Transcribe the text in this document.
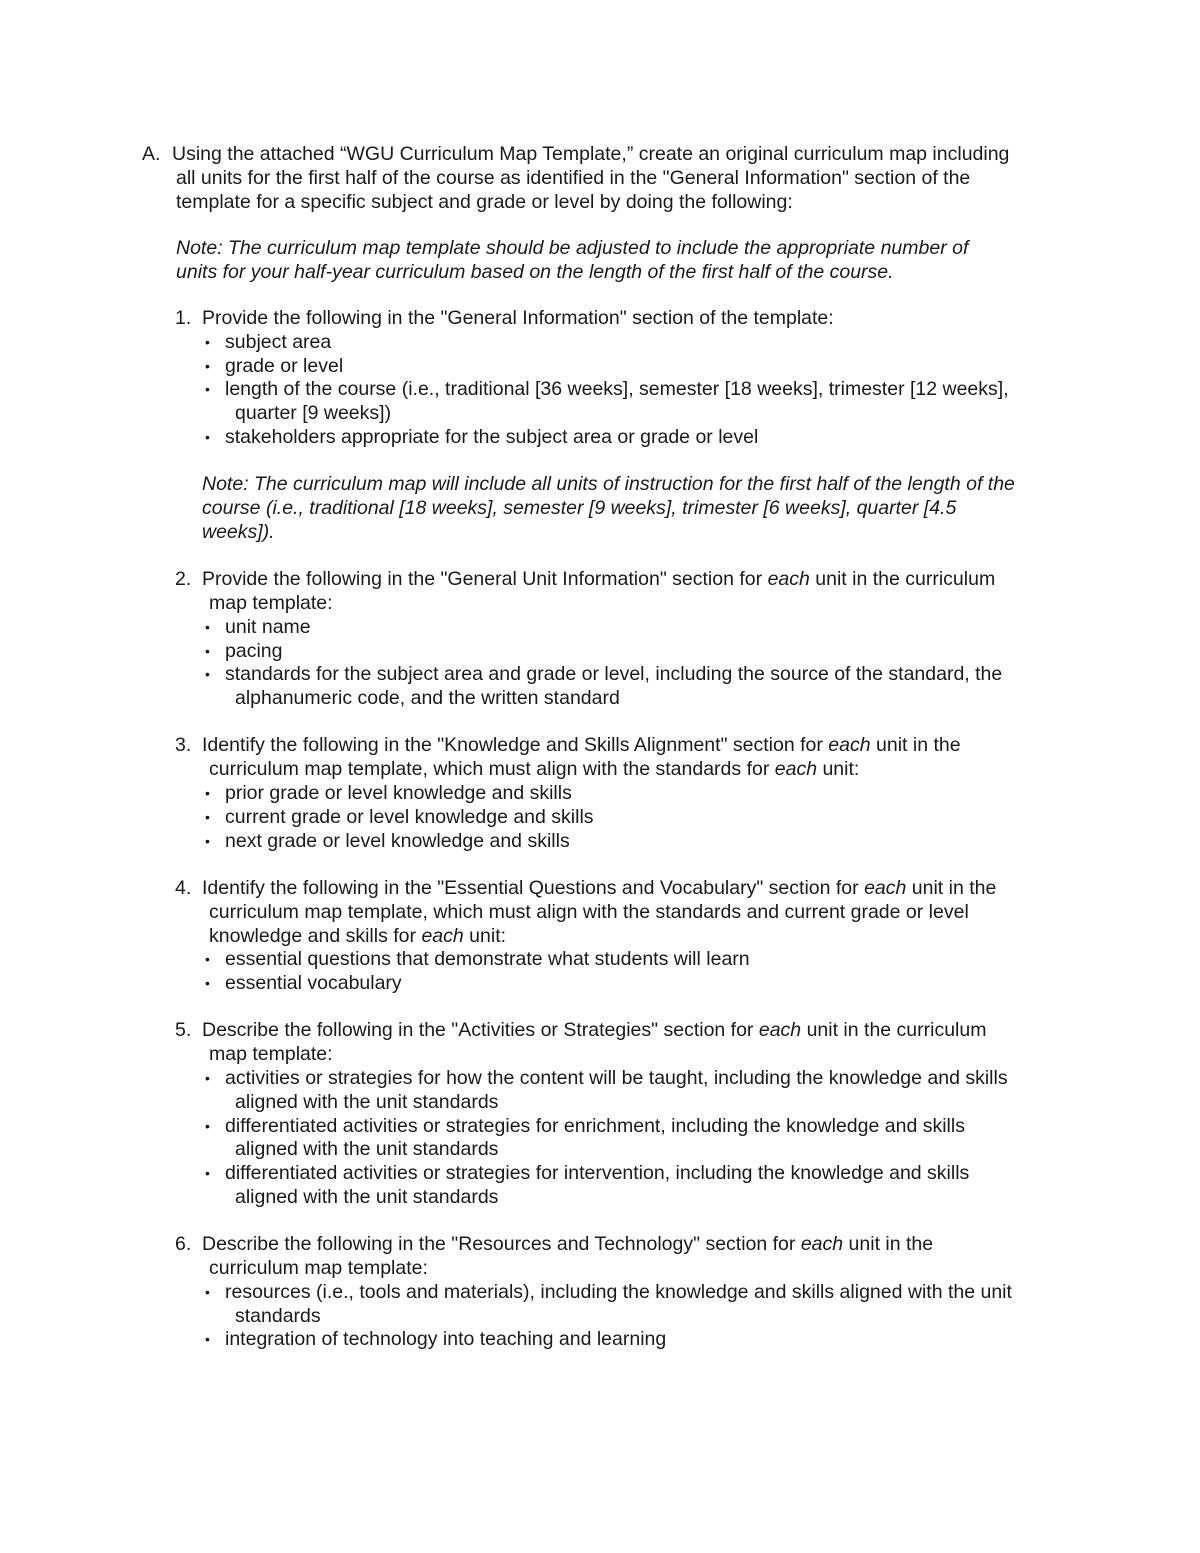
A. Using the attached “WGU Curriculum Map Template,” create an original curriculum map including
all units for the first half of the course as identified in the "General Information" section of the
template for a specific subject and grade or level by doing the following:

Note: The curriculum map template should be adjusted to include the appropriate number of
units for your half-year curriculum based on the length of the first half of the course.

1. Provide the following in the "General Information" section of the template:
• subject area
• grade or level
• length of the course (i.e., traditional [36 weeks], semester [18 weeks], trimester [12 weeks],
quarter [9 weeks])
• stakeholders appropriate for the subject area or grade or level

Note: The curriculum map will include all units of instruction for the first half of the length of the
course (i.e., traditional [18 weeks], semester [9 weeks], trimester [6 weeks], quarter [4.5
weeks]).

2. Provide the following in the "General Unit Information" section for each unit in the curriculum
map template:
• unit name
• pacing
• standards for the subject area and grade or level, including the source of the standard, the
alphanumeric code, and the written standard
3. Identify the following in the "Knowledge and Skills Alignment" section for each unit in the
curriculum map template, which must align with the standards for each unit:
• prior grade or level knowledge and skills
• current grade or level knowledge and skills
• next grade or level knowledge and skills
4. Identify the following in the "Essential Questions and Vocabulary" section for each unit in the
curriculum map template, which must align with the standards and current grade or level
knowledge and skills for each unit:
• essential questions that demonstrate what students will learn
• essential vocabulary
5. Describe the following in the "Activities or Strategies" section for each unit in the curriculum
map template:
• activities or strategies for how the content will be taught, including the knowledge and skills
aligned with the unit standards
• differentiated activities or strategies for enrichment, including the knowledge and skills
aligned with the unit standards
• differentiated activities or strategies for intervention, including the knowledge and skills
aligned with the unit standards
6. Describe the following in the "Resources and Technology" section for each unit in the
curriculum map template:
• resources (i.e., tools and materials), including the knowledge and skills aligned with the unit
standards
• integration of technology into teaching and learning
